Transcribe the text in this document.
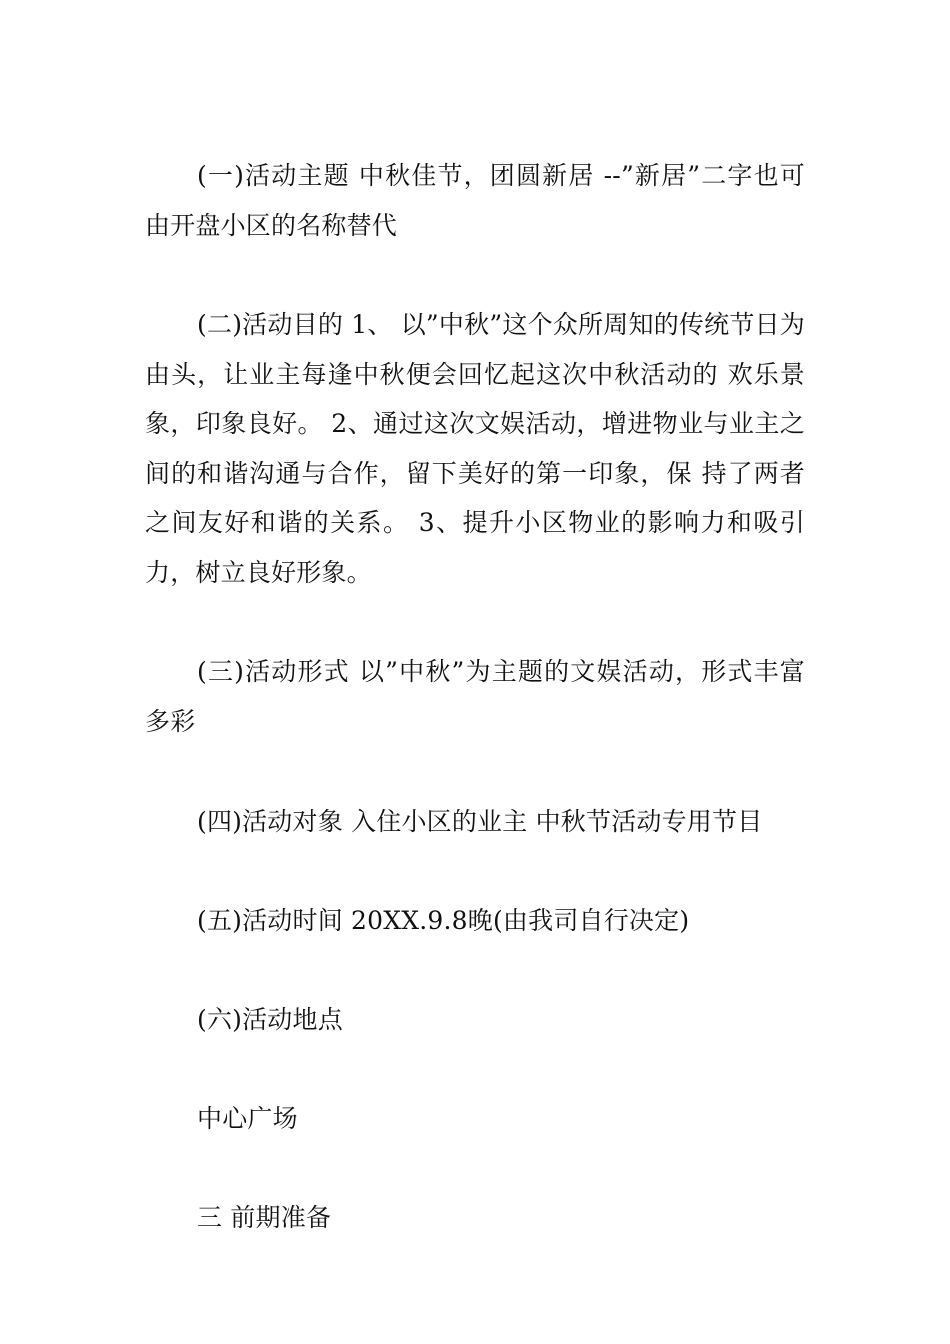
(一)活动主题 中秋佳节，团圆新居 --”新居”二字也可由开盘小区的名称替代

(二)活动目的 1、 以”中秋”这个众所周知的传统节日为由头，让业主每逢中秋便会回忆起这次中秋活动的 欢乐景象，印象良好。 2、通过这次文娱活动，增进物业与业主之间的和谐沟通与合作，留下美好的第一印象，保 持了两者之间友好和谐的关系。 3、提升小区物业的影响力和吸引力，树立良好形象。

(三)活动形式 以”中秋”为主题的文娱活动，形式丰富多彩

(四)活动对象 入住小区的业主 中秋节活动专用节目

(五)活动时间 20XX.9.8晚(由我司自行决定)

(六)活动地点

中心广场

三 前期准备
